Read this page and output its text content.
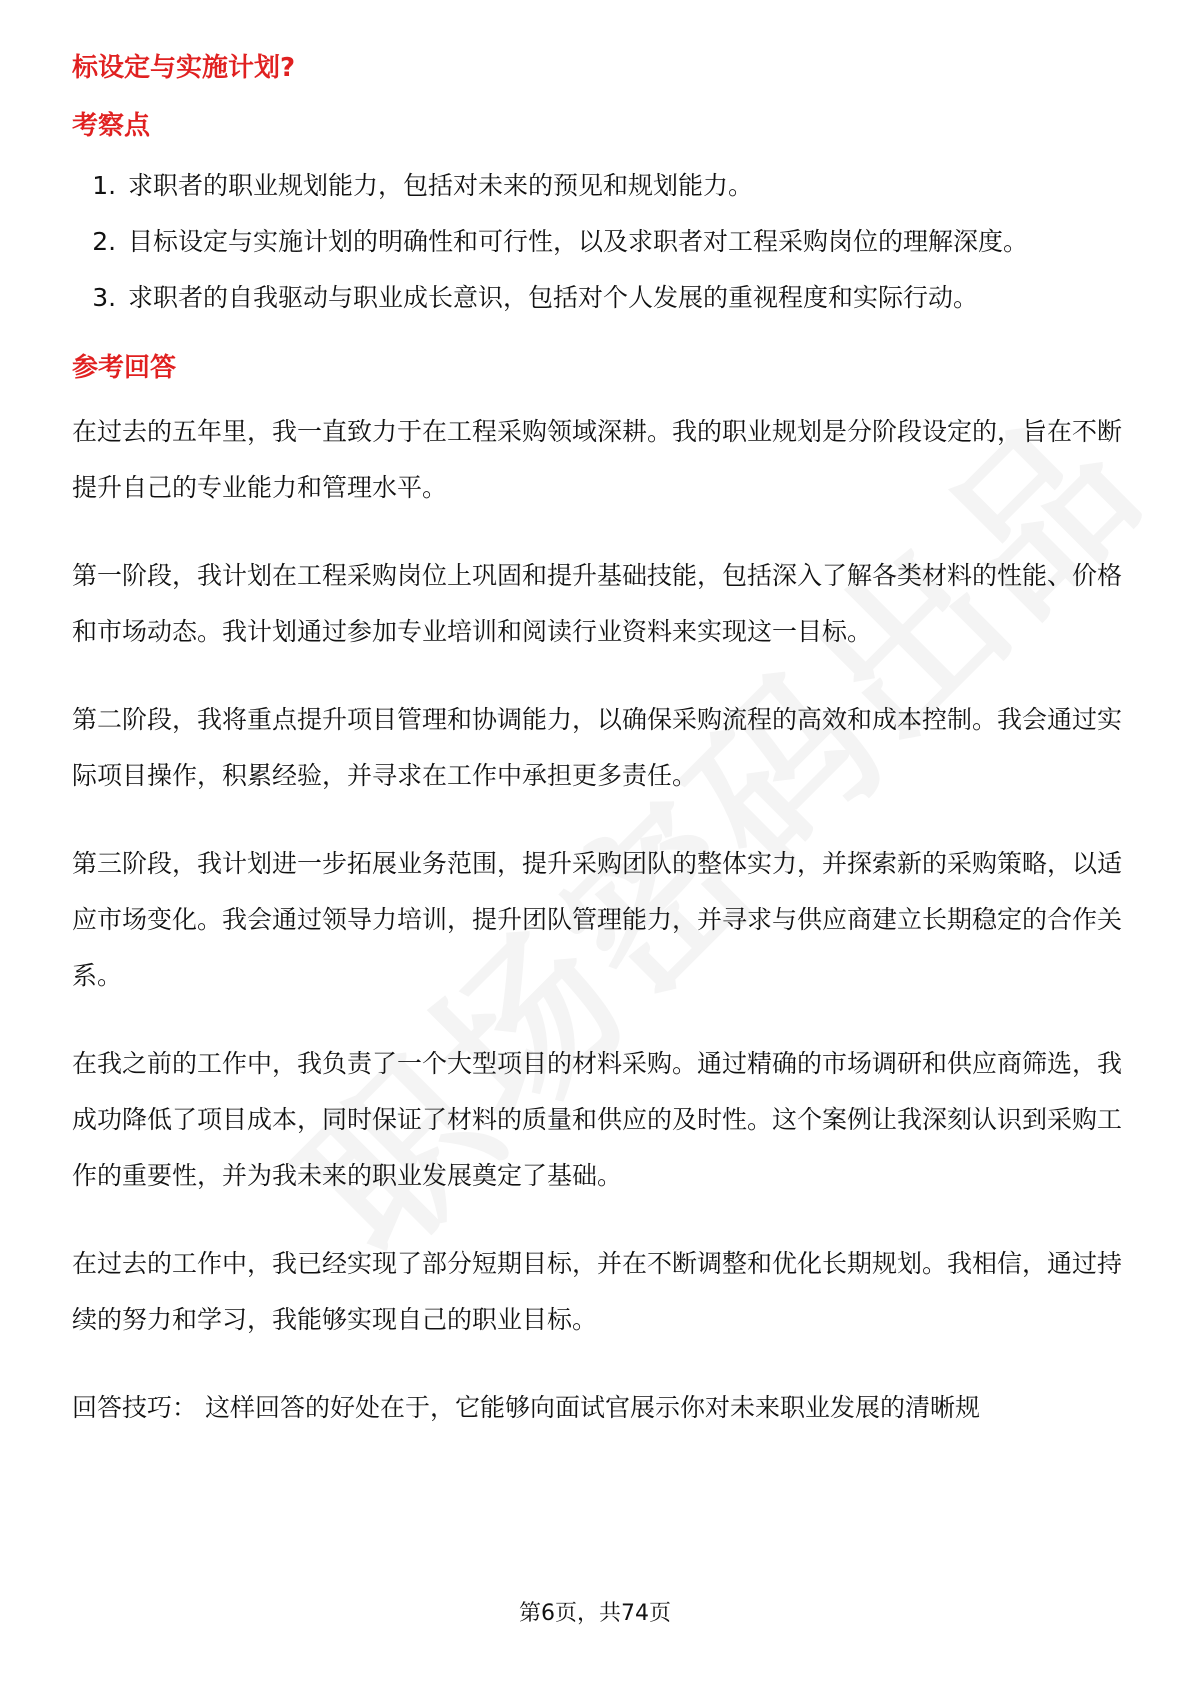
标设定与实施计划?
考察点
1. 求职者的职业规划能力，包括对未来的预见和规划能力。
2. 目标设定与实施计划的明确性和可行性，以及求职者对工程采购岗位的理解深度。
3. 求职者的自我驱动与职业成长意识，包括对个人发展的重视程度和实际行动。
参考回答

在过去的五年里，我一直致力于在工程采购领域深耕。我的职业规划是分阶段设定的，旨在不断提升自己的专业能力和管理水平。

第一阶段，我计划在工程采购岗位上巩固和提升基础技能，包括深入了解各类材料的性能、价格和市场动态。我计划通过参加专业培训和阅读行业资料来实现这一目标。

第二阶段，我将重点提升项目管理和协调能力，以确保采购流程的高效和成本控制。我会通过实际项目操作，积累经验，并寻求在工作中承担更多责任。

第三阶段，我计划进一步拓展业务范围，提升采购团队的整体实力，并探索新的采购策略，以适应市场变化。我会通过领导力培训，提升团队管理能力，并寻求与供应商建立长期稳定的合作关系。

在我之前的工作中，我负责了一个大型项目的材料采购。通过精确的市场调研和供应商筛选，我成功降低了项目成本，同时保证了材料的质量和供应的及时性。这个案例让我深刻认识到采购工作的重要性，并为我未来的职业发展奠定了基础。

在过去的工作中，我已经实现了部分短期目标，并在不断调整和优化长期规划。我相信，通过持续的努力和学习，我能够实现自己的职业目标。

回答技巧： 这样回答的好处在于，它能够向面试官展示你对未来职业发展的清晰规

第6页，共74页
